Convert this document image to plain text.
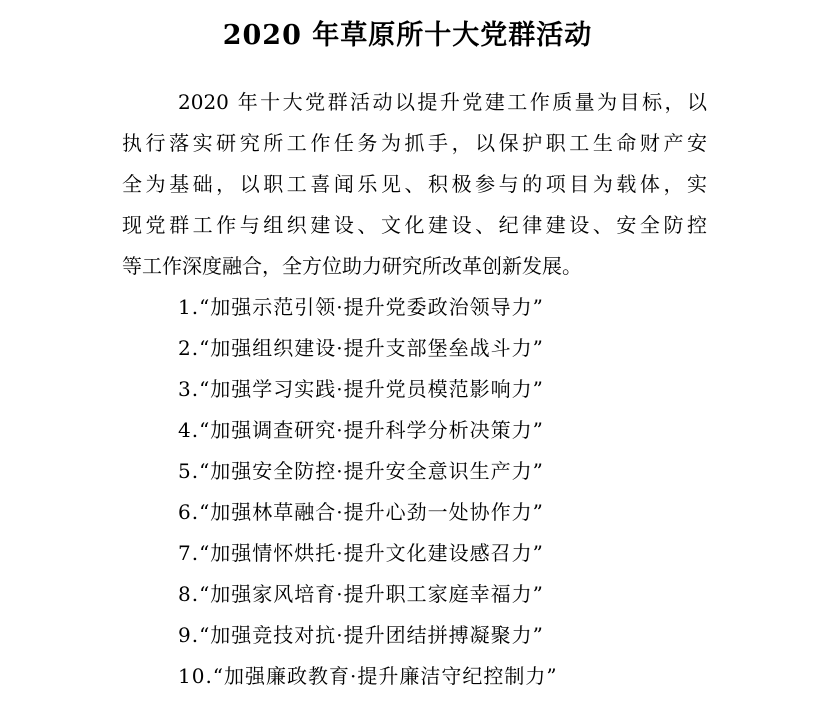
2020 年草原所十大党群活动
2020 年十大党群活动以提升党建工作质量为目标，以
执行落实研究所工作任务为抓手，以保护职工生命财产安
全为基础，以职工喜闻乐见、积极参与的项目为载体，实
现党群工作与组织建设、文化建设、纪律建设、安全防控
等工作深度融合，全方位助力研究所改革创新发展。
1.“加强示范引领·提升党委政治领导力”
2.“加强组织建设·提升支部堡垒战斗力”
3.“加强学习实践·提升党员模范影响力”
4.“加强调查研究·提升科学分析决策力”
5.“加强安全防控·提升安全意识生产力”
6.“加强林草融合·提升心劲一处协作力”
7.“加强情怀烘托·提升文化建设感召力”
8.“加强家风培育·提升职工家庭幸福力”
9.“加强竞技对抗·提升团结拼搏凝聚力”
10.“加强廉政教育·提升廉洁守纪控制力”
